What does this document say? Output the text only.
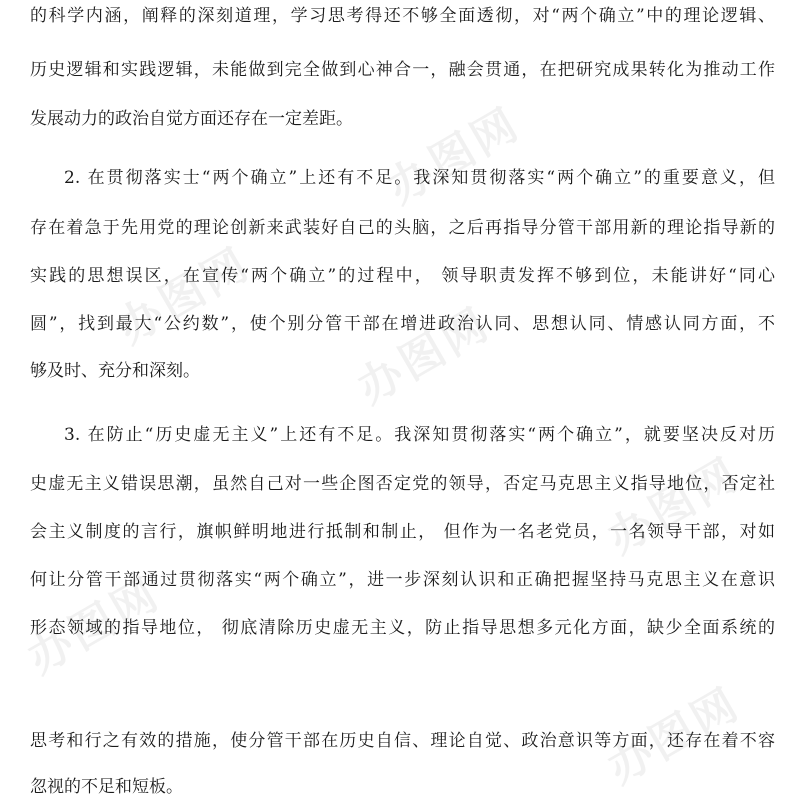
办图网
办图网
办图网
办图网
办图网
办图网
的科学内涵，阐释的深刻道理，学习思考得还不够全面透彻，对“两个确立”中的理论逻辑、
历史逻辑和实践逻辑，未能做到完全做到心神合一，融会贯通，在把研究成果转化为推动工作
发展动力的政治自觉方面还存在一定差距。
2. 在贯彻落实士“两个确立”上还有不足。我深知贯彻落实“两个确立”的重要意义，但
存在着急于先用党的理论创新来武装好自己的头脑，之后再指导分管干部用新的理论指导新的
实践的思想误区，在宣传“两个确立”的过程中， 领导职责发挥不够到位，未能讲好“同心
圆”，找到最大“公约数”，使个别分管干部在增进政治认同、思想认同、情感认同方面，不
够及时、充分和深刻。
3. 在防止“历史虚无主义”上还有不足。我深知贯彻落实“两个确立”，就要坚决反对历
史虚无主义错误思潮，虽然自己对一些企图否定党的领导，否定马克思主义指导地位，否定社
会主义制度的言行，旗帜鲜明地进行抵制和制止， 但作为一名老党员，一名领导干部，对如
何让分管干部通过贯彻落实“两个确立”，进一步深刻认识和正确把握坚持马克思主义在意识
形态领域的指导地位， 彻底清除历史虚无主义，防止指导思想多元化方面，缺少全面系统的
思考和行之有效的措施，使分管干部在历史自信、理论自觉、政治意识等方面，还存在着不容
忽视的不足和短板。
